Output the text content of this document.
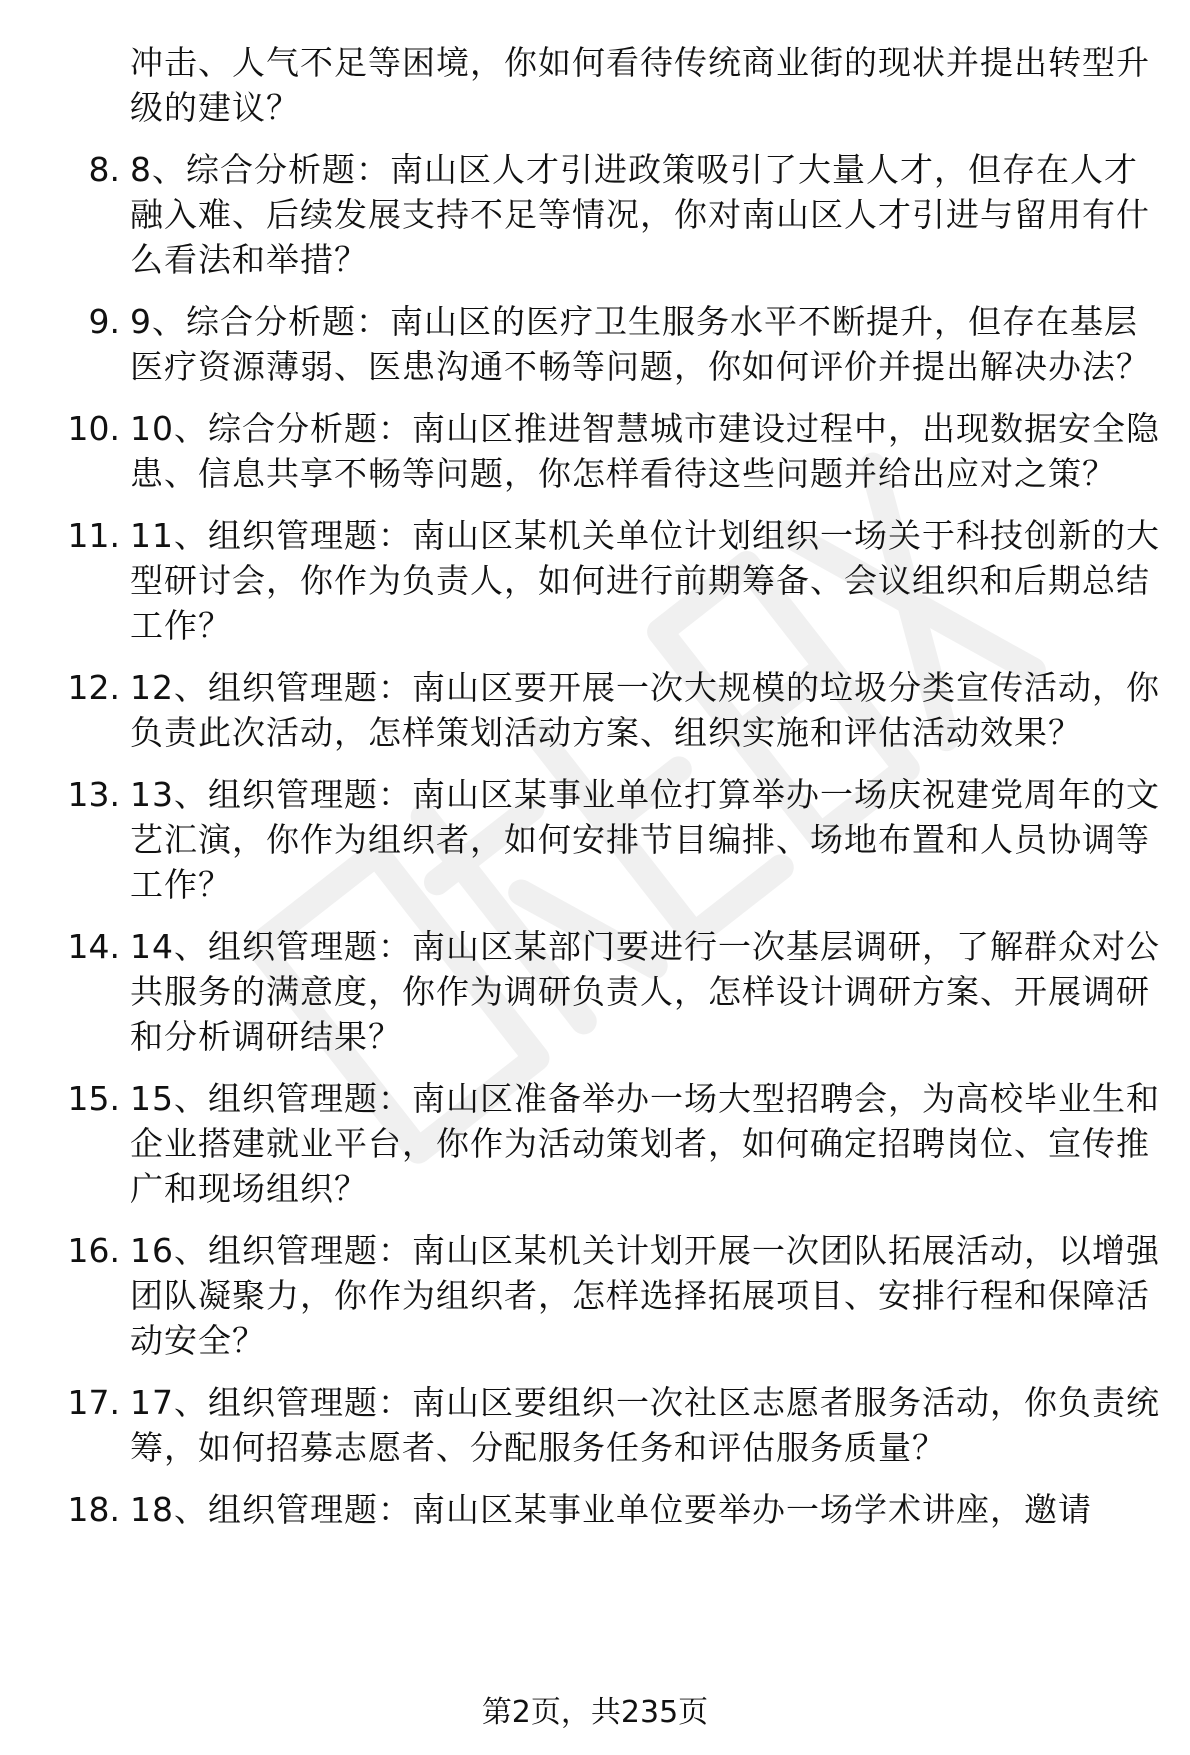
冲击、人气不足等困境，你如何看待传统商业街的现状并提出转型升级的建议？
8. 8、综合分析题：南山区人才引进政策吸引了大量人才，但存在人才融入难、后续发展支持不足等情况，你对南山区人才引进与留用有什么看法和举措？
9. 9、综合分析题：南山区的医疗卫生服务水平不断提升，但存在基层医疗资源薄弱、医患沟通不畅等问题，你如何评价并提出解决办法？
10. 10、综合分析题：南山区推进智慧城市建设过程中，出现数据安全隐患、信息共享不畅等问题，你怎样看待这些问题并给出应对之策？
11. 11、组织管理题：南山区某机关单位计划组织一场关于科技创新的大型研讨会，你作为负责人，如何进行前期筹备、会议组织和后期总结工作？
12. 12、组织管理题：南山区要开展一次大规模的垃圾分类宣传活动，你负责此次活动，怎样策划活动方案、组织实施和评估活动效果？
13. 13、组织管理题：南山区某事业单位打算举办一场庆祝建党周年的文艺汇演，你作为组织者，如何安排节目编排、场地布置和人员协调等工作？
14. 14、组织管理题：南山区某部门要进行一次基层调研，了解群众对公共服务的满意度，你作为调研负责人，怎样设计调研方案、开展调研和分析调研结果？
15. 15、组织管理题：南山区准备举办一场大型招聘会，为高校毕业生和企业搭建就业平台，你作为活动策划者，如何确定招聘岗位、宣传推广和现场组织？
16. 16、组织管理题：南山区某机关计划开展一次团队拓展活动，以增强团队凝聚力，你作为组织者，怎样选择拓展项目、安排行程和保障活动安全？
17. 17、组织管理题：南山区要组织一次社区志愿者服务活动，你负责统筹，如何招募志愿者、分配服务任务和评估服务质量？
18. 18、组织管理题：南山区某事业单位要举办一场学术讲座，邀请
第2页，共235页
